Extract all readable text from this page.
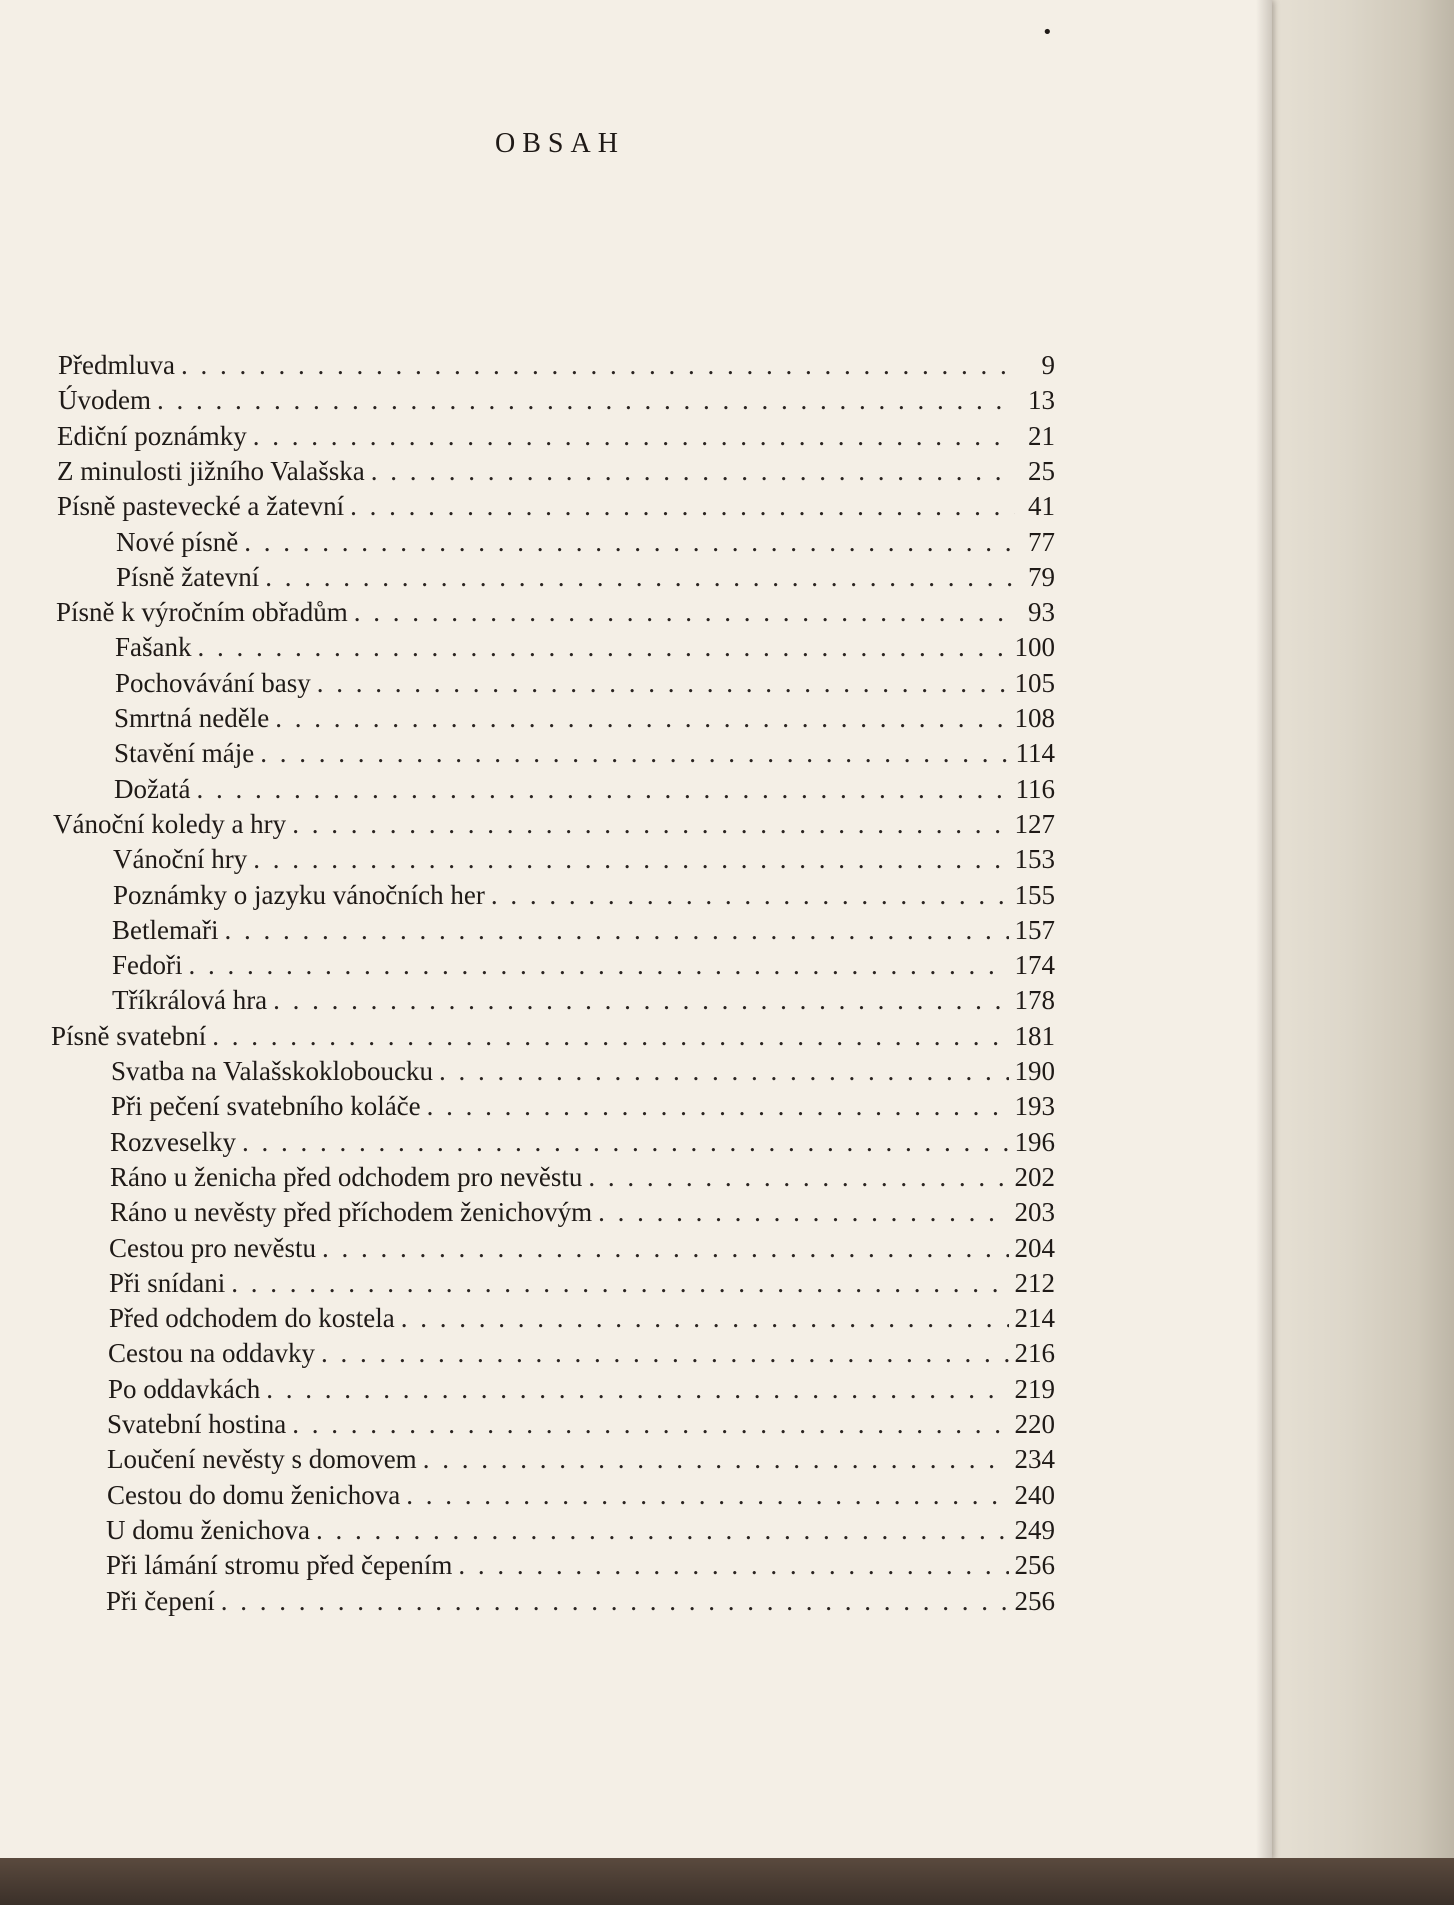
•
OBSAH
Předmluva . . .	9
Úvodem . . .	13
Ediční poznámky . . .	21
Z minulosti jižního Valašska . . .	25
Písně pastevecké a žatevní . . .	41
Nové písně . . .	77
Písně žatevní . . .	79
Písně k výročním obřadům . . .	93
Fašank . . .	100
Pochovávání basy . . .	105
Smrtná neděle . . .	108
Stavění máje . . .	114
Dožatá . . .	116
Vánoční koledy a hry . . .	127
Vánoční hry . . .	153
Poznámky o jazyku vánočních her . . .	155
Betlemaři . . .	157
Fedoři . . .	174
Tříkrálová hra . . .	178
Písně svatební . . .	181
Svatba na Valašskokloboucku . . .	190
Při pečení svatebního koláče . . .	193
Rozveselky . . .	196
Ráno u ženicha před odchodem pro nevěstu . . .	202
Ráno u nevěsty před příchodem ženichovým . . .	203
Cestou pro nevěstu . . .	204
Při snídani . . .	212
Před odchodem do kostela . . .	214
Cestou na oddavky . . .	216
Po oddavkách . . .	219
Svatební hostina . . .	220
Loučení nevěsty s domovem . . .	234
Cestou do domu ženichova . . .	240
U domu ženichova . . .	249
Při lámání stromu před čepením . . .	256
Při čepení . . .	256
